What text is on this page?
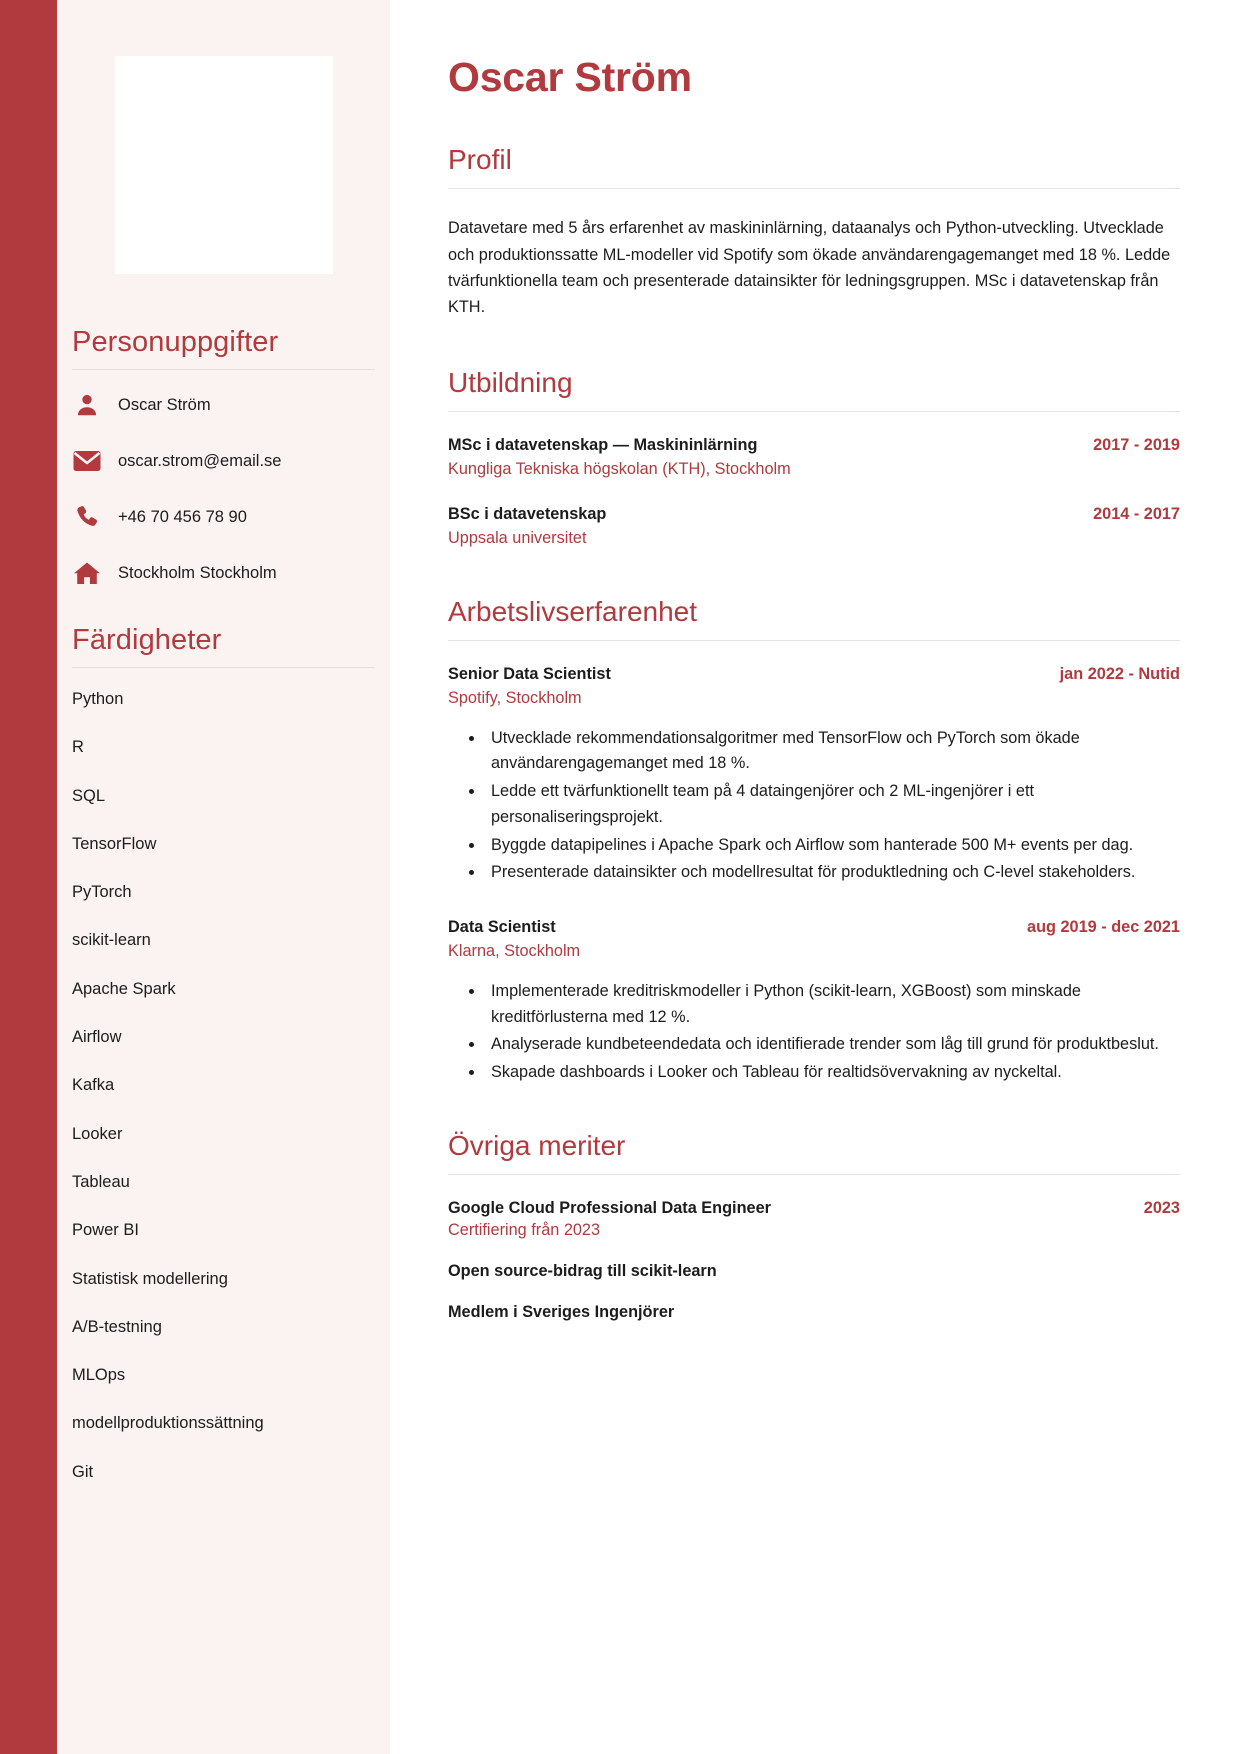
Personuppgifter
Oscar Ström
oscar.strom@email.se
+46 70 456 78 90
Stockholm Stockholm
Färdigheter
Python
R
SQL
TensorFlow
PyTorch
scikit-learn
Apache Spark
Airflow
Kafka
Looker
Tableau
Power BI
Statistisk modellering
A/B-testning
MLOps
modellproduktionssättning
Git
Oscar Ström
Profil

Datavetare med 5 års erfarenhet av maskininlärning, dataanalys och Python-utveckling. Utvecklade och produktionssatte ML-modeller vid Spotify som ökade användarengagemanget med 18 %. Ledde tvärfunktionella team och presenterade datainsikter för ledningsgruppen. MSc i datavetenskap från KTH.

Utbildning
MSc i datavetenskap — Maskininlärning	2017 - 2019
Kungliga Tekniska högskolan (KTH), Stockholm
BSc i datavetenskap	2014 - 2017
Uppsala universitet
Arbetslivserfarenhet
Senior Data Scientist	jan 2022 - Nutid
Spotify, Stockholm
• Utvecklade rekommendationsalgoritmer med TensorFlow och PyTorch som ökade användarengagemanget med 18 %.
• Ledde ett tvärfunktionellt team på 4 dataingenjörer och 2 ML-ingenjörer i ett personaliseringsprojekt.
• Byggde datapipelines i Apache Spark och Airflow som hanterade 500 M+ events per dag.
• Presenterade datainsikter och modellresultat för produktledning och C-level stakeholders.
Data Scientist	aug 2019 - dec 2021
Klarna, Stockholm
• Implementerade kreditriskmodeller i Python (scikit-learn, XGBoost) som minskade kreditförlusterna med 12 %.
• Analyserade kundbeteendedata och identifierade trender som låg till grund för produktbeslut.
• Skapade dashboards i Looker och Tableau för realtidsövervakning av nyckeltal.
Övriga meriter
Google Cloud Professional Data Engineer	2023
Certifiering från 2023
Open source-bidrag till scikit-learn
Medlem i Sveriges Ingenjörer
